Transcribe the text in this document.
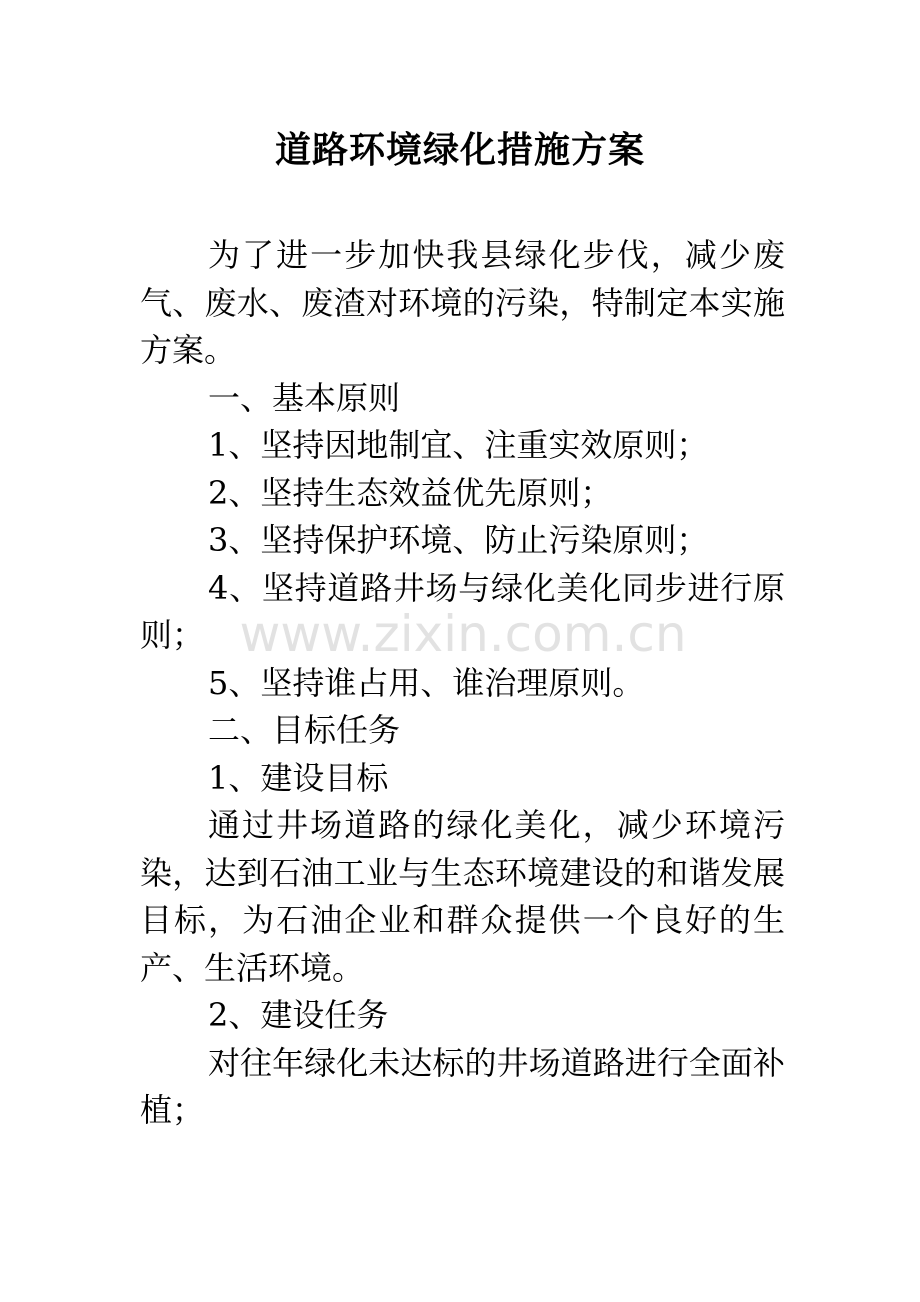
道路环境绿化措施方案

为了进一步加快我县绿化步伐，减少废气、废水、废渣对环境的污染，特制定本实施方案。

一、基本原则

1、坚持因地制宜、注重实效原则；

2、坚持生态效益优先原则；

3、坚持保护环境、防止污染原则；

4、坚持道路井场与绿化美化同步进行原则；

5、坚持谁占用、谁治理原则。

二、目标任务

1、建设目标

通过井场道路的绿化美化，减少环境污染，达到石油工业与生态环境建设的和谐发展目标，为石油企业和群众提供一个良好的生产、生活环境。

2、建设任务

对往年绿化未达标的井场道路进行全面补植；

www.zixin.com.cn
